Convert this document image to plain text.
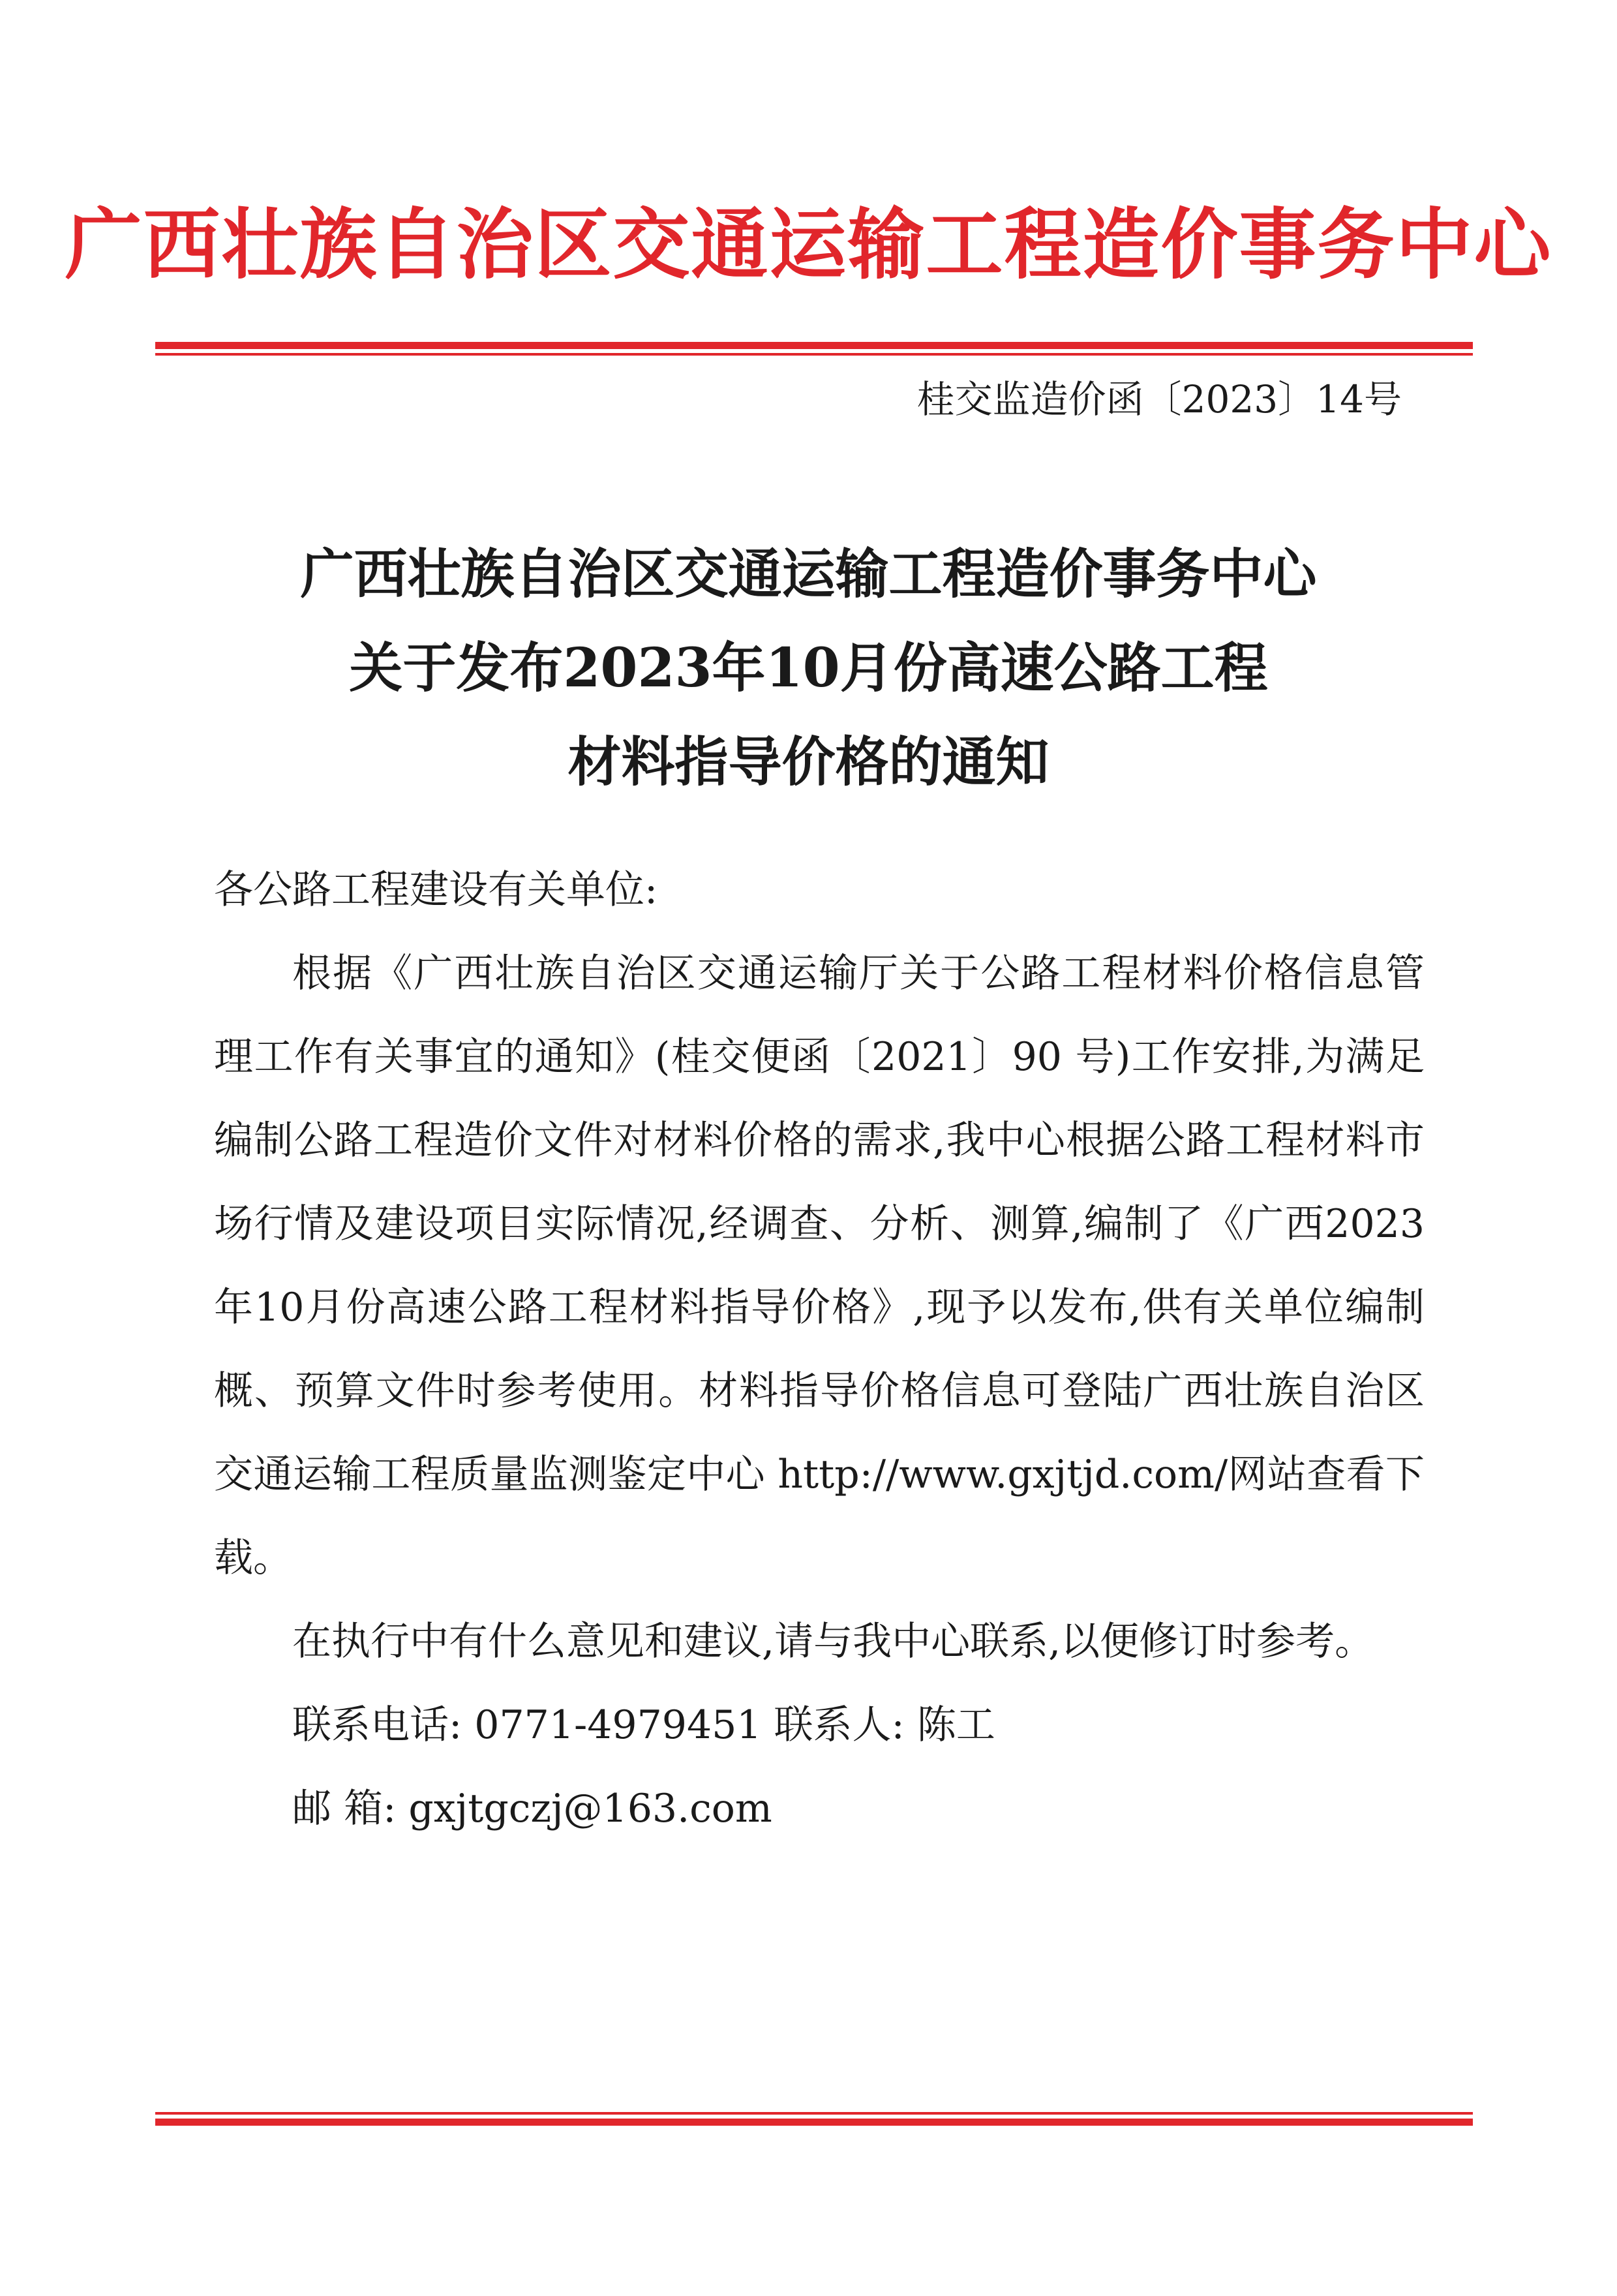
广西壮族自治区交通运输工程造价事务中心
桂交监造价函〔2023〕14号
广西壮族自治区交通运输工程造价事务中心
关于发布2023年10月份高速公路工程
材料指导价格的通知

各公路工程建设有关单位:

根据《广西壮族自治区交通运输厅关于公路工程材料价格信息管理工作有关事宜的通知》(桂交便函〔2021〕90 号)工作安排,为满足编制公路工程造价文件对材料价格的需求,我中心根据公路工程材料市场行情及建设项目实际情况,经调查、分析、测算,编制了《广西2023年10月份高速公路工程材料指导价格》,现予以发布,供有关单位编制概、预算文件时参考使用。材料指导价格信息可登陆广西壮族自治区交通运输工程质量监测鉴定中心 http://www.gxjtjd.com/网站查看下载。

在执行中有什么意见和建议,请与我中心联系,以便修订时参考。

联系电话: 0771-4979451 联系人: 陈工
邮 箱: gxjtgczj@163.com
